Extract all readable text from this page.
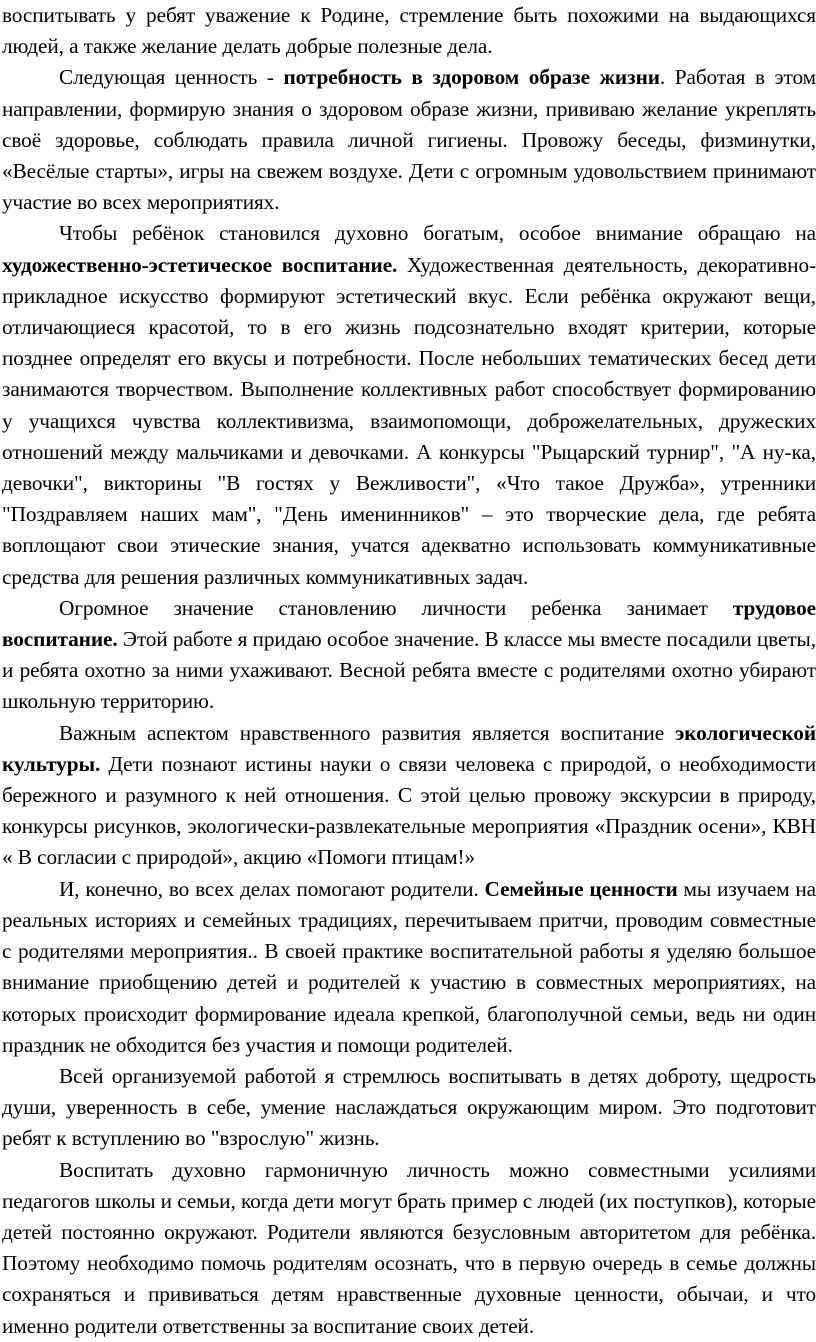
воспитывать у ребят уважение к Родине, стремление быть похожими на выдающихся людей, а также желание делать добрые полезные дела.

Следующая ценность - потребность в здоровом образе жизни. Работая в этом направлении, формирую знания о здоровом образе жизни, прививаю желание укреплять своё здоровье, соблюдать правила личной гигиены. Провожу беседы, физминутки, «Весёлые старты», игры на свежем воздухе. Дети с огромным удовольствием принимают участие во всех мероприятиях.

Чтобы ребёнок становился духовно богатым, особое внимание обращаю на художественно-эстетическое воспитание. Художественная деятельность, декоративно-прикладное искусство формируют эстетический вкус. Если ребёнка окружают вещи, отличающиеся красотой, то в его жизнь подсознательно входят критерии, которые позднее определят его вкусы и потребности. После небольших тематических бесед дети занимаются творчеством. Выполнение коллективных работ способствует формированию у учащихся чувства коллективизма, взаимопомощи, доброжелательных, дружеских отношений между мальчиками и девочками. А конкурсы "Рыцарский турнир", "А ну-ка, девочки", викторины "В гостях у Вежливости", «Что такое Дружба», утренники "Поздравляем наших мам", "День именинников" – это творческие дела, где ребята воплощают свои этические знания, учатся адекватно использовать коммуникативные средства для решения различных коммуникативных задач.

Огромное значение становлению личности ребенка занимает трудовое воспитание. Этой работе я придаю особое значение. В классе мы вместе посадили цветы, и ребята охотно за ними ухаживают. Весной ребята вместе с родителями охотно убирают школьную территорию.

Важным аспектом нравственного развития является воспитание экологической культуры. Дети познают истины науки о связи человека с природой, о необходимости бережного и разумного к ней отношения. С этой целью провожу экскурсии в природу, конкурсы рисунков, экологически-развлекательные мероприятия «Праздник осени», КВН « В согласии с природой», акцию «Помоги птицам!»

И, конечно, во всех делах помогают родители. Семейные ценности мы изучаем на реальных историях и семейных традициях, перечитываем притчи, проводим совместные с родителями мероприятия.. В своей практике воспитательной работы я уделяю большое внимание приобщению детей и родителей к участию в совместных мероприятиях, на которых происходит формирование идеала крепкой, благополучной семьи, ведь ни один праздник не обходится без участия и помощи родителей.

Всей организуемой работой я стремлюсь воспитывать в детях доброту, щедрость души, уверенность в себе, умение наслаждаться окружающим миром. Это подготовит ребят к вступлению во "взрослую" жизнь.

Воспитать духовно гармоничную личность можно совместными усилиями педагогов школы и семьи, когда дети могут брать пример с людей (их поступков), которые детей постоянно окружают. Родители являются безусловным авторитетом для ребёнка. Поэтому необходимо помочь родителям осознать, что в первую очередь в семье должны сохраняться и прививаться детям нравственные духовные ценности, обычаи, и что именно родители ответственны за воспитание своих детей.
